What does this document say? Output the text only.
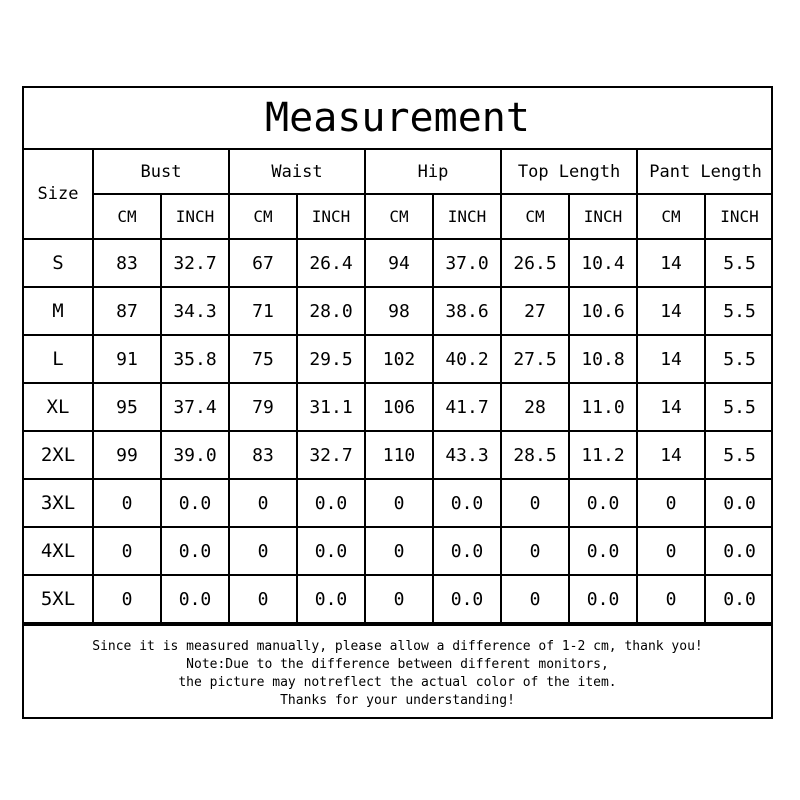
Measurement
Size	Bust		Waist		Hip		Top Length		Pant Length	
	CM	INCH	CM	INCH	CM	INCH	CM	INCH	CM	INCH
S	83	32.7	67	26.4	94	37.0	26.5	10.4	14	5.5
M	87	34.3	71	28.0	98	38.6	27	10.6	14	5.5
L	91	35.8	75	29.5	102	40.2	27.5	10.8	14	5.5
XL	95	37.4	79	31.1	106	41.7	28	11.0	14	5.5
2XL	99	39.0	83	32.7	110	43.3	28.5	11.2	14	5.5
3XL	0	0.0	0	0.0	0	0.0	0	0.0	0	0.0
4XL	0	0.0	0	0.0	0	0.0	0	0.0	0	0.0
5XL	0	0.0	0	0.0	0	0.0	0	0.0	0	0.0
Since it is measured manually, please allow a difference of 1-2 cm, thank you!
Note:Due to the difference between different monitors,
the picture may notreflect the actual color of the item.
Thanks for your understanding!
